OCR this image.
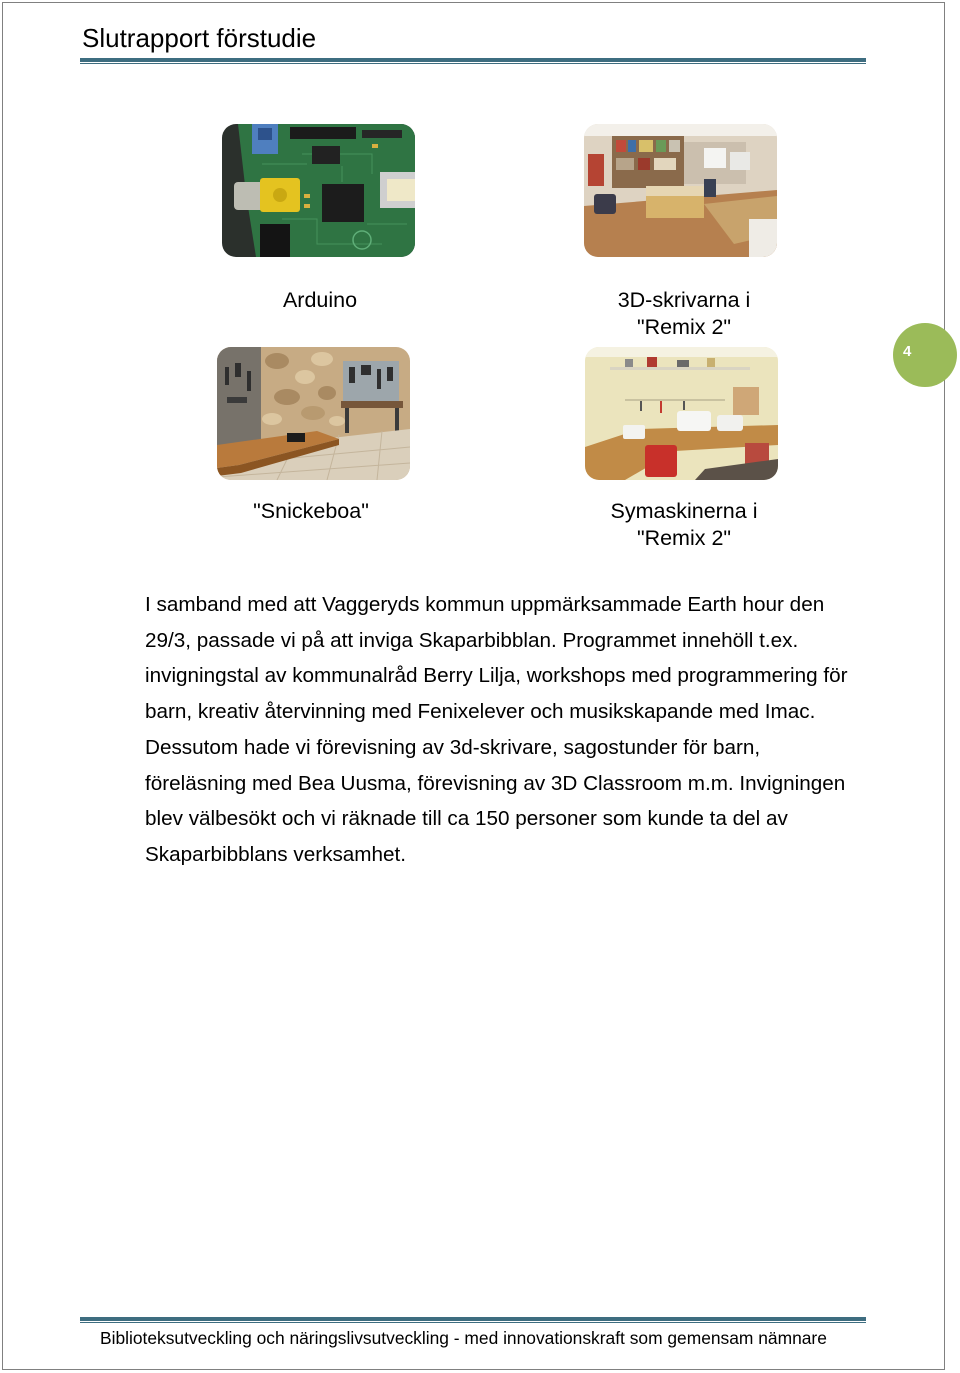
Slutrapport förstudie
4
Arduino	3D-skrivarna i
"Remix 2"
"Snickeboa"	Symaskinerna i
"Remix 2"
I samband med att Vaggeryds kommun uppmärksammade Earth hour den
29/3, passade vi på att inviga Skaparbibblan. Programmet innehöll t.ex.
invigningstal av kommunalråd Berry Lilja, workshops med programmering för
barn, kreativ återvinning med Fenixelever och musikskapande med Imac.
Dessutom hade vi förevisning av 3d-skrivare, sagostunder för barn,
föreläsning med Bea Uusma, förevisning av 3D Classroom m.m. Invigningen
blev välbesökt och vi räknade till ca 150 personer som kunde ta del av
Skaparbibblans verksamhet.
Biblioteksutveckling och näringslivsutveckling - med innovationskraft som gemensam nämnare
